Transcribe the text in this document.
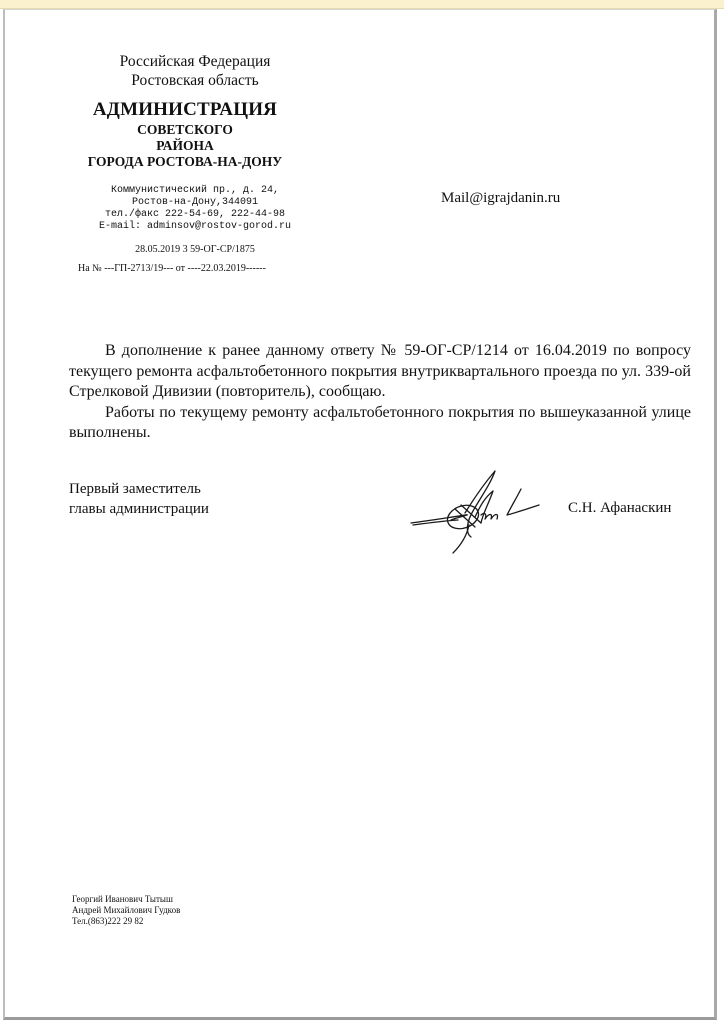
Российская Федерация
Ростовская область
АДМИНИСТРАЦИЯ
СОВЕТСКОГО
РАЙОНА
ГОРОДА РОСТОВА-НА-ДОНУ
Коммунистический пр., д. 24,
Ростов-на-Дону,344091
тел./факс 222-54-69, 222-44-98
E-mail: adminsov@rostov-gorod.ru
28.05.2019 3 59-ОГ-СР/1875
На № ---ГП-2713/19--- от ----22.03.2019------
Mail@igrajdanin.ru

В дополнение к ранее данному ответу № 59-ОГ-СР/1214 от 16.04.2019 по вопросу текущего ремонта асфальтобетонного покрытия внутриквартального проезда по ул. 339-ой Стрелковой Дивизии (повторитель), сообщаю.

Работы по текущему ремонту асфальтобетонного покрытия по вышеуказанной улице выполнены.

Первый заместитель
главы администрации	С.Н. Афанаскин
Георгий Иванович Тытыш
Андрей Михайлович Гудков
Тел.(863)222 29 82
